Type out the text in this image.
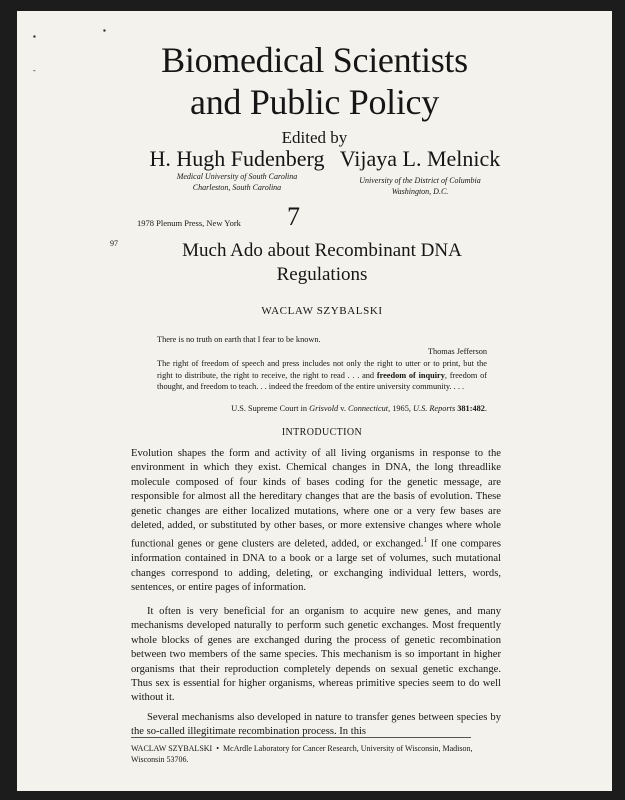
▪
▪
-	Biomedical Scientists
and Public Policy
Edited by
H. Hugh Fudenberg Vijaya L. Melnick
Medical University of South Carolina
Charleston, South Carolina
University of the District of Columbia
Washington, D.C.
1978 Plenum Press, New York 7
97	Much Ado about Recombinant DNA
Regulations
WACLAW SZYBALSKI
There is no truth on earth that I fear to be known.
Thomas Jefferson
The right of freedom of speech and press includes not only the right to utter or to print, but the right to distribute, the right to receive, the right to read . . . and freedom of inquiry, freedom of thought, and freedom to teach. . . indeed the freedom of the entire university community. . . .
U.S. Supreme Court in Grisvold v. Connecticut, 1965, U.S. Reports 381:482.
INTRODUCTION

Evolution shapes the form and activity of all living organisms in response to the environment in which they exist. Chemical changes in DNA, the long threadlike molecule composed of four kinds of bases coding for the genetic message, are responsible for almost all the hereditary changes that are the basis of evolution. These genetic changes are either localized mutations, where one or a very few bases are deleted, added, or substituted by other bases, or more extensive changes where whole functional genes or gene clusters are deleted, added, or exchanged.$^1$ If one compares information contained in DNA to a book or a large set of volumes, such mutational changes correspond to adding, deleting, or exchanging individual letters, words, sentences, or entire pages of information.

It often is very beneficial for an organism to acquire new genes, and many mechanisms developed naturally to perform such genetic exchanges. Most frequently whole blocks of genes are exchanged during the process of genetic recombination between two members of the same species. This mechanism is so important in higher organisms that their reproduction completely depends on sexual genetic exchange. Thus sex is essential for higher organisms, whereas primitive species seem to do well without it.

Several mechanisms also developed in nature to transfer genes between species by the so-called illegitimate recombination process. In this

WACLAW SZYBALSKI • McArdle Laboratory for Cancer Research, University of Wisconsin, Madison, Wisconsin 53706.
